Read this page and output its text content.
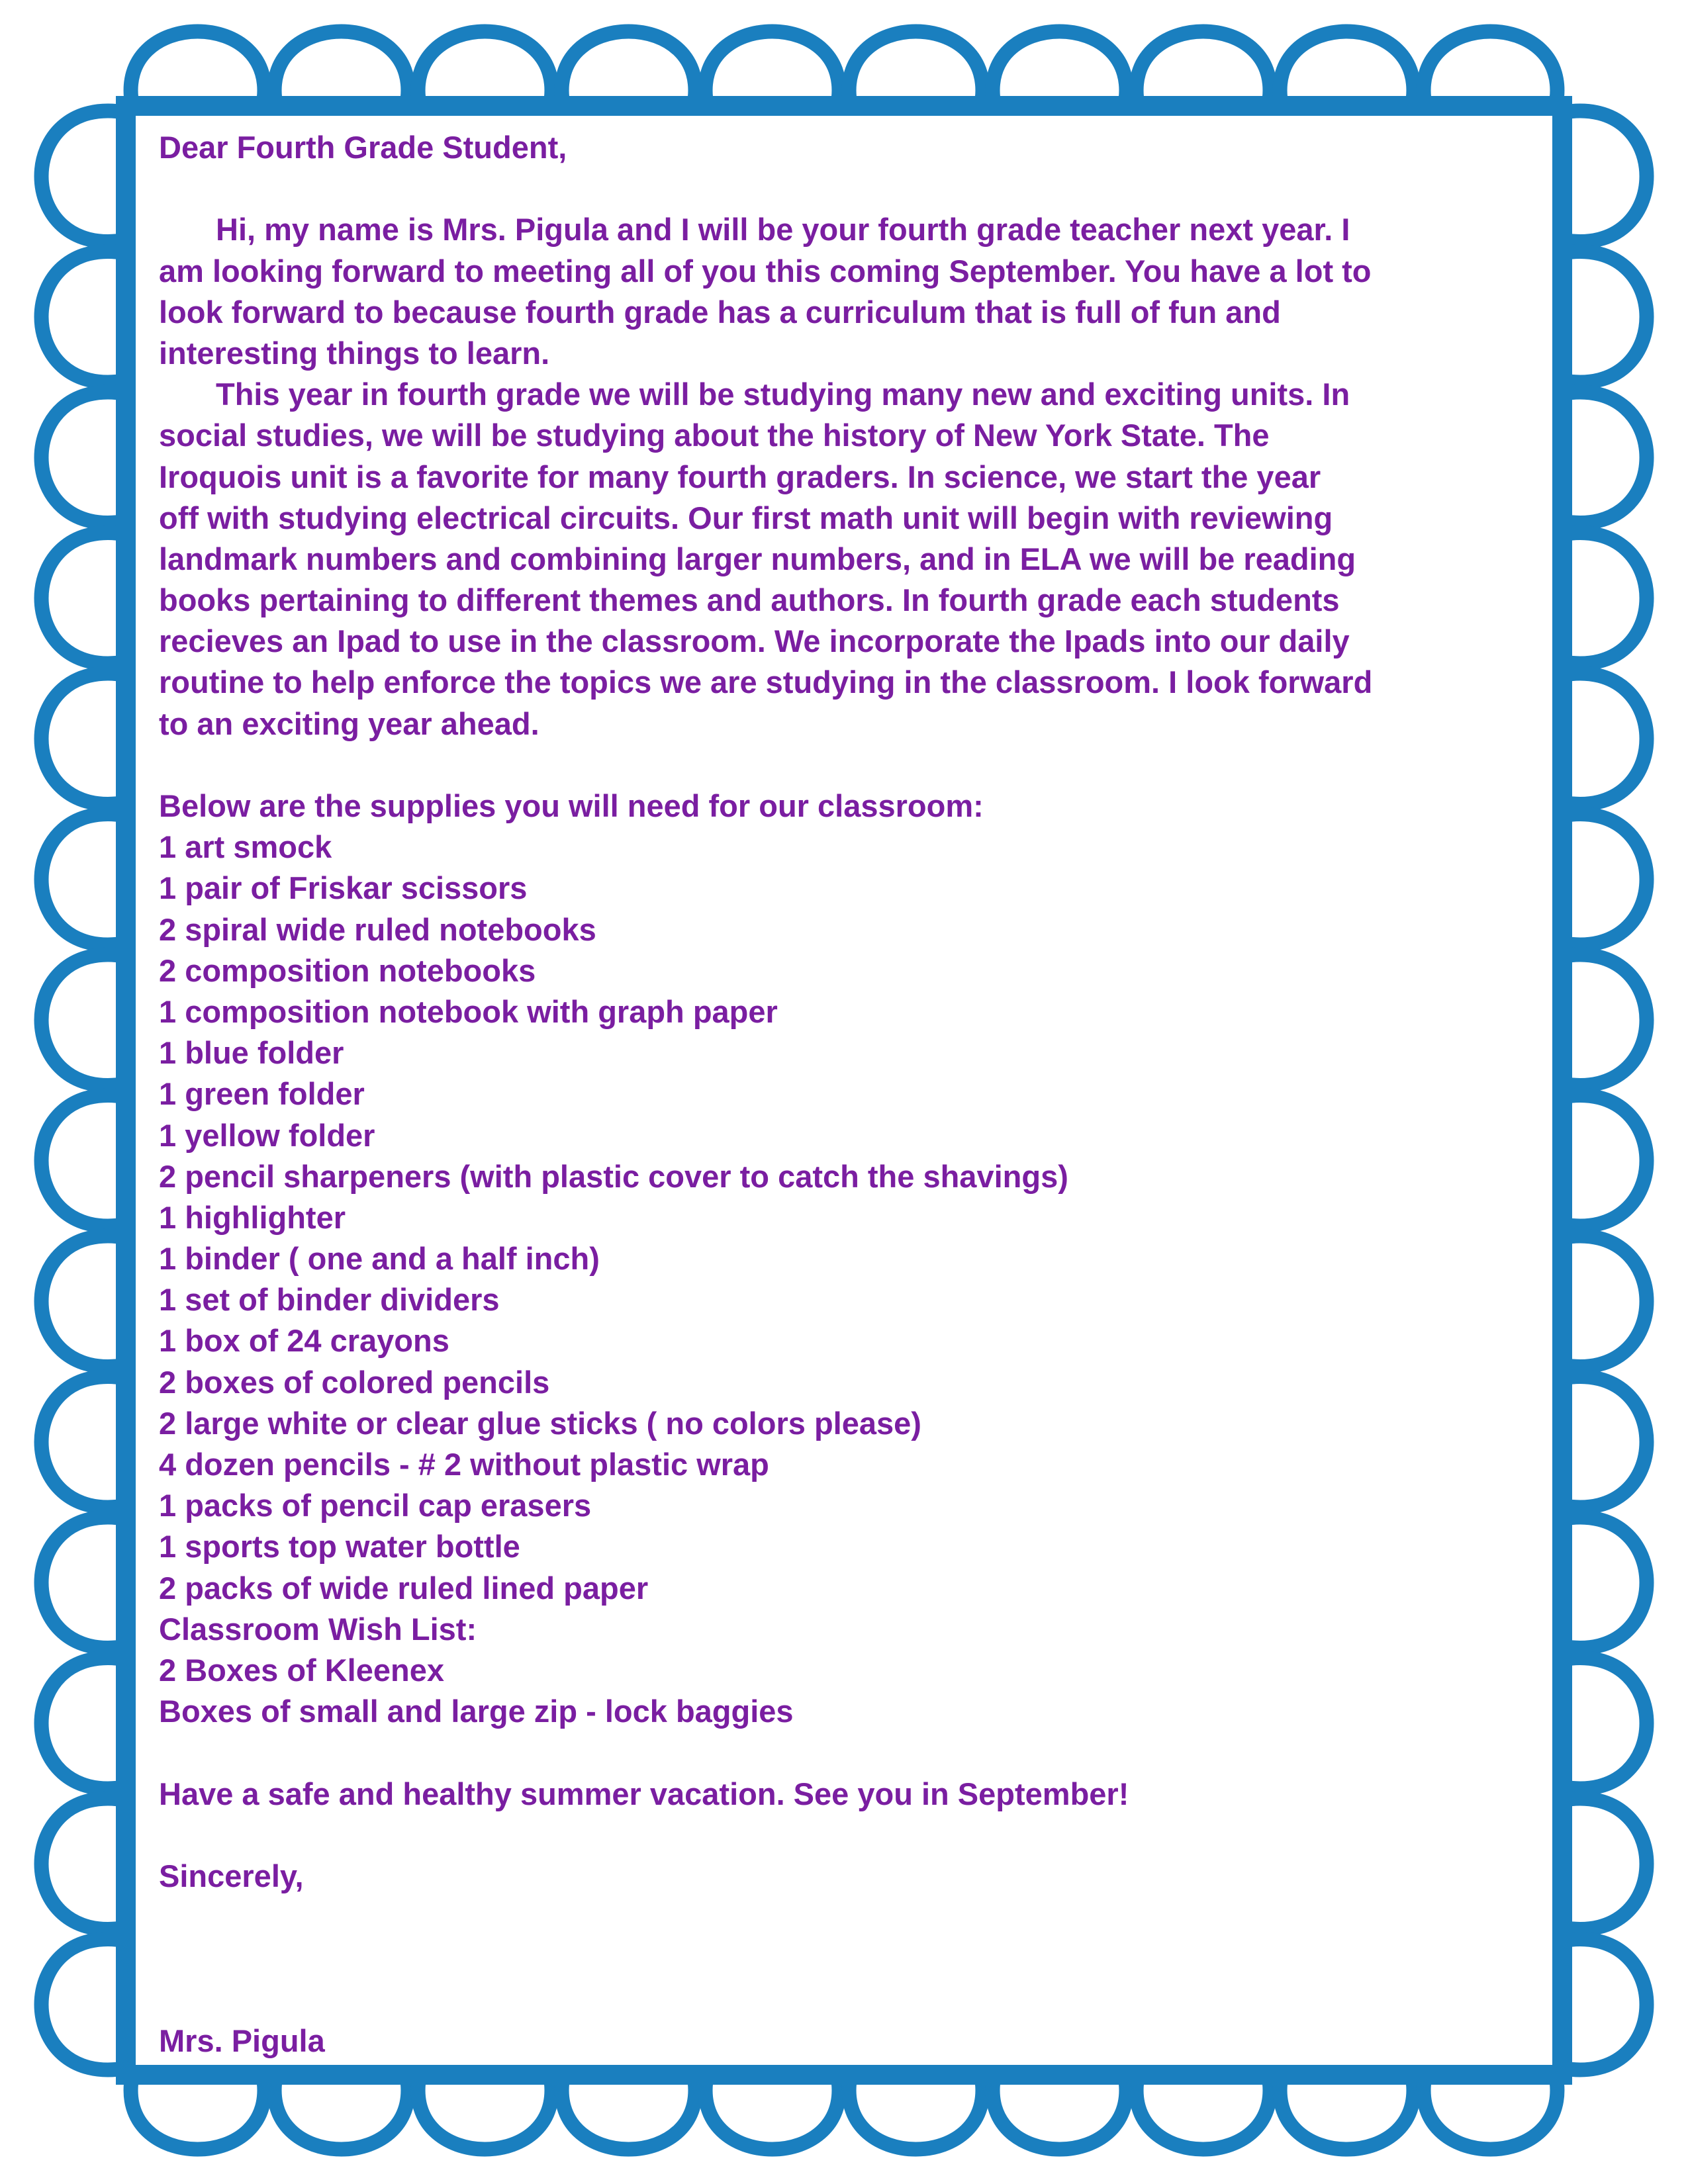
Dear Fourth Grade Student,
Hi, my name is Mrs. Pigula and I will be your fourth grade teacher next year. I
am looking forward to meeting all of you this coming September. You have a lot to
look forward to because fourth grade has a curriculum that is full of fun and
interesting things to learn.
This year in fourth grade we will be studying many new and exciting units. In
social studies, we will be studying about the history of New York State. The
Iroquois unit is a favorite for many fourth graders. In science, we start the year
off with studying electrical circuits. Our first math unit will begin with reviewing
landmark numbers and combining larger numbers, and in ELA we will be reading
books pertaining to different themes and authors. In fourth grade each students
recieves an Ipad to use in the classroom. We incorporate the Ipads into our daily
routine to help enforce the topics we are studying in the classroom. I look forward
to an exciting year ahead.
Below are the supplies you will need for our classroom:
1 art smock
1 pair of Friskar scissors
2 spiral wide ruled notebooks
2 composition notebooks
1 composition notebook with graph paper
1 blue folder
1 green folder
1 yellow folder
2 pencil sharpeners (with plastic cover to catch the shavings)
1 highlighter
1 binder ( one and a half inch)
1 set of binder dividers
1 box of 24 crayons
2 boxes of colored pencils
2 large white or clear glue sticks ( no colors please)
4 dozen pencils - # 2 without plastic wrap
1 packs of pencil cap erasers
1 sports top water bottle
2 packs of wide ruled lined paper
Classroom Wish List:
2 Boxes of Kleenex
Boxes of small and large zip - lock baggies
Have a safe and healthy summer vacation. See you in September!
Sincerely,
Mrs. Pigula
